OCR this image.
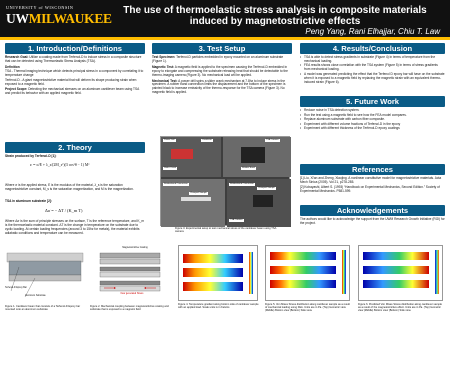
UNIVERSITY of WISCONSIN
UWMILWAUKEE
The use of thermoelastic stress analysis in composite materials induced by magnetostrictive effects
Peng Yang, Rani Elhajjar, Chiu T. Law
1. Introduction/Definitions

Research Goal: Utilize a coating made from Terfenol-D to induce stress in a composite structure that can be detected using Thermoelastic Stress Analysis (TSA).

Definition

TSA - Thermal imaging technique which detects principal stress in a component by correlating it to temperature change

Terfenol-D - A giant magnetostrictive material that will deform its shape producing strain when exposed to a magnetic field.

Project Scope: Detecting the mechanical stresses on an aluminum cantilever beam using TSA and predict its behavior with an applied magnetic field.

2. Theory

Strain produced by Terfenol-D [1]:

ε = σ/E + λ_s/(2M_s²)(3 cos²θ − 1) M²
Where σ is the applied stress, E is the modulus of the material, λ_s is the saturation magnetostrictive constant, M_s is the saturation magnetization, and M is the magnetization.
TSA in aluminum substrate [2]:
Δσ = − ΔT / (K_m T)
Where Δσ is the sum of principle stresses on the surface, T is the reference temperature, and K_m is the thermoelastic material constant. ΔT is the change in temperature on the substrate due to cyclic loading. At certain loading frequencies (around 3 to 15hz for metals), the material exhibits adiabatic conditions and temperature can be measured.
Terfenol-D Epoxy Bar
Aluminum Substrate
Magnetostrictive Coating
New generated Stress
Figure 1. Cantilever beam that consists of a Terfenol-D Epoxy bar mounted onto an aluminum substrate
Figure 2. Mechanical coupling between magnetostrictive coating and substrate that is exposed to a magnetic field
3. Test Setup

Test Specimen: Terfenol-D particles embedded in epoxy mounted on an aluminum substrate (Figure 1).

Magnetic Test: A magnetic field is applied to the specimen causing the Terfenol-D embedded in epoxy to elongate and compressing the substrate releasing heat that should be detectable to the thermo-imaging camera (Figure 3). No mechanical load will be applied.

Mechanical Test: A power drill spins a slider crank mechanism at 7.8hz to induce stress in the specimen. A rubber band connection limits the displacement and the bottom of the specimen is painted black to increase emissivity of the thermo-response for the TSA camera (Figure 3). No magnetic field is applied.

Power Drill	Cantilever	TSA Camera
Slider Crank	Rubber Band
Rubberband Connection
Clamped Sample
Rubberband Connection
Clamped Sample
TSA Camera
Figure 3. Experimental setup to test mechanical stress of the cantilever beam using TSA camera
Figure 4. Temperature gradient along bottom side of cantilever sample with an applied load. Scale units is in Kelvins
4. Results/Conclusion
• TSA is able to detect stress gradients in substrate (Figure 4) in terms of temperature from the mechanical loading.
• FEA results shows close correlation with the TSA system (Figure 5) in terms of stress gradients from mechanical loading.
• A model was generated predicting the effect that the Terfenol D epoxy bar will have on the substrate when it is exposed to a magnetic field by replacing the magnetic strain with an equivalent thermo-induced strain (Figure 6).
5. Future Work
• Reduce noise in TSA detection system.
• Run the test using a magnetic field to see how the FEA model compares.
• Replace aluminum substrate with carbon fiber composite.
• Experiment with different volume fractions of Terfenol-D in the epoxy
• Experiment with different thickness of the Terfenol-D epoxy coatings
References

[1] Liu, Xi'an and Zheng, Xiaojing. A nonlinear constitutive model for magnetostrictive materials. Acta Mech Sinica (2005). Vol 21, p278-285.

[2] Kobayashi, Albert S. (1993) “Handbook on Experimental Mechanics, Second Edition.” Society of Experimental Mechanics. P581-599.

Acknowledgements
The authors would like to acknowledge the support from the UWM Research Growth Initiative (RGI) for the project.
Figure 5. Von Mises Stress distribution along cantilever sample as a result of mechanical loading using FEA. Units are in Pa. (Top) Isometric view (Middle) Bottom view (Bottom) Side view.
Figure 6. Predicted Von Mises Stress distribution along cantilever sample as a result of the magnetostrictive effect. Units are in Pa. (Top) Isometric view (Middle) Bottom view (Bottom) Side view.
